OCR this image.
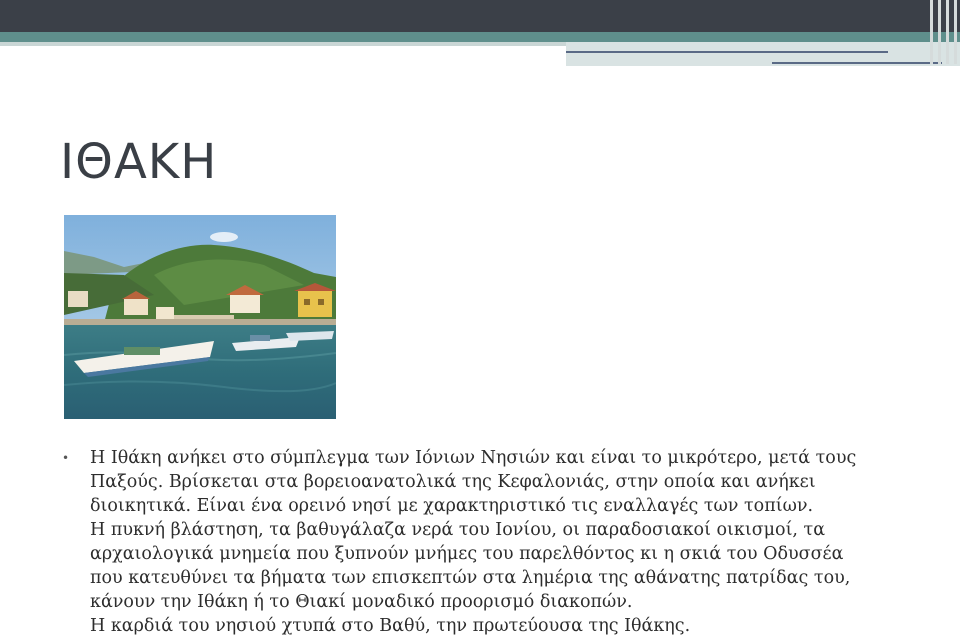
ΙΘΑΚΗ
• Η Ιθάκη ανήκει στο σύμπλεγμα των Ιόνιων Νησιών και είναι το μικρότερο, μετά τους
Παξούς. Βρίσκεται στα βορειοανατολικά της Κεφαλονιάς, στην οποία και ανήκει
διοικητικά. Είναι ένα ορεινό νησί με χαρακτηριστικό τις εναλλαγές των τοπίων.
Η πυκνή βλάστηση, τα βαθυγάλαζα νερά του Ιονίου, οι παραδοσιακοί οικισμοί, τα
αρχαιολογικά μνημεία που ξυπνούν μνήμες του παρελθόντος κι η σκιά του Οδυσσέα
που κατευθύνει τα βήματα των επισκεπτών στα λημέρια της αθάνατης πατρίδας του,
κάνουν την Ιθάκη ή το Θιακί μοναδικό προορισμό διακοπών.
Η καρδιά του νησιού χτυπά στο Βαθύ, την πρωτεύουσα της Ιθάκης.
